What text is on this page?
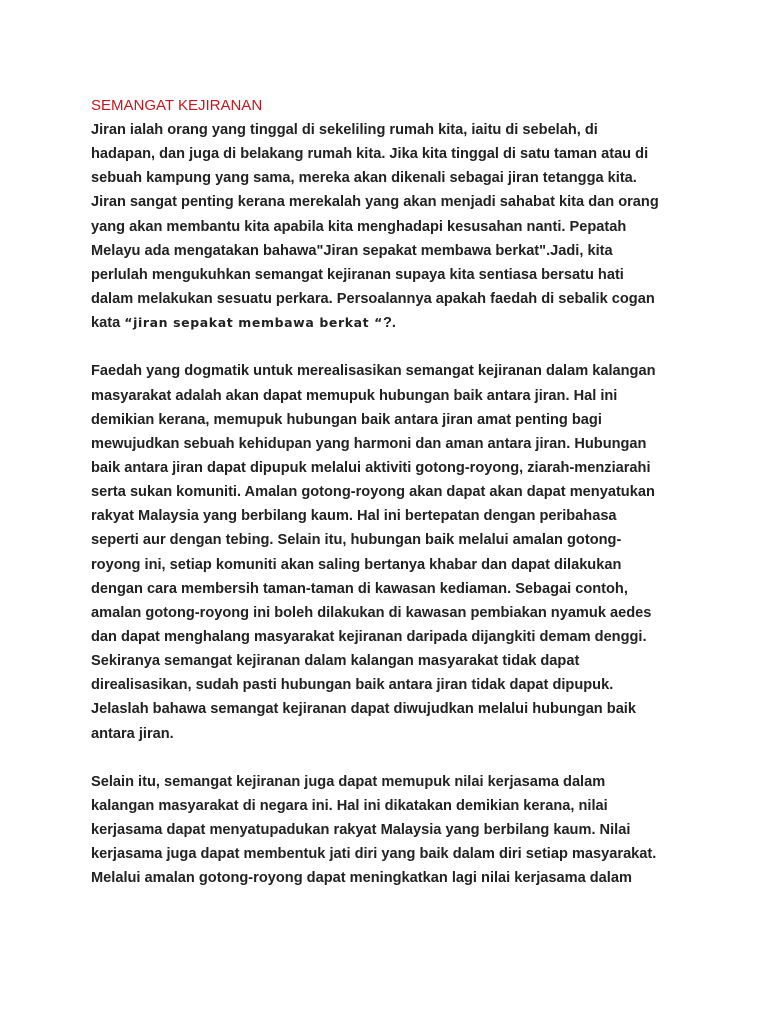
SEMANGAT KEJIRANAN
Jiran ialah orang yang tinggal di sekeliling rumah kita, iaitu di sebelah, di
hadapan, dan juga di belakang rumah kita. Jika kita tinggal di satu taman atau di
sebuah kampung yang sama, mereka akan dikenali sebagai jiran tetangga kita.
Jiran sangat penting kerana merekalah yang akan menjadi sahabat kita dan orang
yang akan membantu kita apabila kita menghadapi kesusahan nanti. Pepatah
Melayu ada mengatakan bahawa"Jiran sepakat membawa berkat".Jadi, kita
perlulah mengukuhkan semangat kejiranan supaya kita sentiasa bersatu hati
dalam melakukan sesuatu perkara. Persoalannya apakah faedah di sebalik cogan
kata “jiran sepakat membawa berkat “?.
Faedah yang dogmatik untuk merealisasikan semangat kejiranan dalam kalangan
masyarakat adalah akan dapat memupuk hubungan baik antara jiran. Hal ini
demikian kerana, memupuk hubungan baik antara jiran amat penting bagi
mewujudkan sebuah kehidupan yang harmoni dan aman antara jiran. Hubungan
baik antara jiran dapat dipupuk melalui aktiviti gotong-royong, ziarah-menziarahi
serta sukan komuniti. Amalan gotong-royong akan dapat akan dapat menyatukan
rakyat Malaysia yang berbilang kaum. Hal ini bertepatan dengan peribahasa
seperti aur dengan tebing. Selain itu, hubungan baik melalui amalan gotong-
royong ini, setiap komuniti akan saling bertanya khabar dan dapat dilakukan
dengan cara membersih taman-taman di kawasan kediaman. Sebagai contoh,
amalan gotong-royong ini boleh dilakukan di kawasan pembiakan nyamuk aedes
dan dapat menghalang masyarakat kejiranan daripada dijangkiti demam denggi.
Sekiranya semangat kejiranan dalam kalangan masyarakat tidak dapat
direalisasikan, sudah pasti hubungan baik antara jiran tidak dapat dipupuk.
Jelaslah bahawa semangat kejiranan dapat diwujudkan melalui hubungan baik
antara jiran.
Selain itu, semangat kejiranan juga dapat memupuk nilai kerjasama dalam
kalangan masyarakat di negara ini. Hal ini dikatakan demikian kerana, nilai
kerjasama dapat menyatupadukan rakyat Malaysia yang berbilang kaum. Nilai
kerjasama juga dapat membentuk jati diri yang baik dalam diri setiap masyarakat.
Melalui amalan gotong-royong dapat meningkatkan lagi nilai kerjasama dalam
